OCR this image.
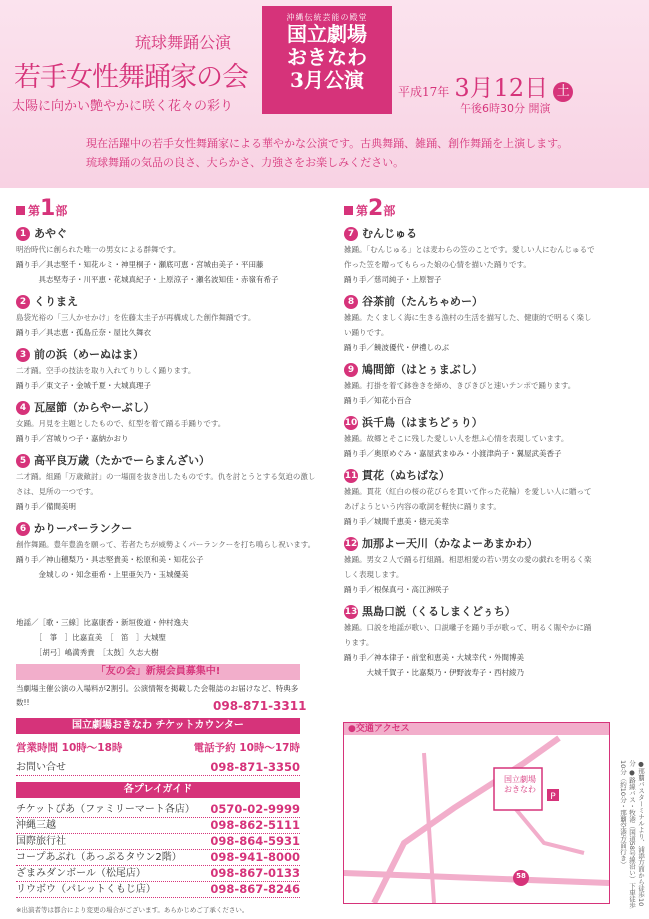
琉球舞踊公演
若手女性舞踊家の会
太陽に向かい艶やかに咲く花々の彩り
沖縄伝統芸能の殿堂
国立劇場
おきなわ
3月公演	平成17年 3月12日 土
午後6時30分 開演
現在活躍中の若手女性舞踊家による華やかな公演です。古典舞踊、雑踊、創作舞踊を上演します。
琉球舞踊の気品の良さ、大らかさ、力強さをお楽しみください。
第1部	第2部
1 あやぐ
明治時代に創られた唯一の男女による群舞です。
踊り手／具志堅千・知花ルミ・神里桐子・瀬底可恵・宮城由美子・平田藤
　　　具志堅寿子・川平恵・花城真紀子・上原涼子・瀬名波知佳・赤嶺有希子
2 くりまえ
島袋光裕の「三人かせかけ」を佐藤太圭子が再構成した創作舞踊です。
踊り手／具志恵・孤島丘奈・屋比久舞衣
3 前の浜（めーぬはま）
二才踊。空手の技法を取り入れてりりしく踊ります。
踊り手／東文子・金城千夏・大城真理子
4 瓦屋節（からやーぶし）
女踊。月見を主題としたもので、紅型を着て踊る手踊りです。
踊り手／宮城りつ子・嘉納かおり
5 高平良万歳（たかでーらまんざい）
二才踊。組踊「万歳敵討」の一場面を抜き出したものです。仇を討とうとする気迫の激しさは、見所の一つです。
踊り手／備間美明
6 かりーパーランクー
創作舞踊。豊年豊漁を願って、若者たちが威勢よくパーランクーを打ち鳴らし祝います。
踊り手／神山穂梨乃・具志堅貴美・松原和美・知花公子
　　　金城しの・知念亜希・上里亜矢乃・玉城優美
7 むんじゅる
雑踊。「むんじゅる」とは麦わらの笠のことです。愛しい人にむんじゅるで
作った笠を贈ってもらった娘の心情を描いた踊りです。
踊り手／慈司純子・上原智子
8 谷茶前（たんちゃめー）
雑踊。たくましく海に生きる漁村の生活を描写した、健康的で明るく楽し
い踊りです。
踊り手／饒波優代・伊禮しのぶ
9 鳩間節（はとぅまぶし）
雑踊。打掛を着て鉢巻きを締め、きびきびと速いテンポで踊ります。
踊り手／知花小百合
10 浜千鳥（はまちどぅり）
雑踊。故郷とそこに残した愛しい人を想ふ心情を表現しています。
踊り手／奥原めぐみ・嘉屋武まゆみ・小渡津尚子・翼屋武美香子
11 貫花（ぬちばな）
雑踊。貫花（紅白の桜の花びらを貫いて作った花輪）を愛しい人に贈って
あげようという内容の歌詞を軽快に踊ります。
踊り手／城間千恵美・徳元美幸
12 加那よー天川（かなよーあまかわ）
雑踊。男女２人で踊る打組踊。相思相愛の若い男女の愛の戯れを明るく楽
しく表現します。
踊り手／根保真弓・高江洲咲子
13 黒島口説（くるしまくどぅち）
雑踊。口説を地謡が歌い、口説囃子を踊り手が歌って、明るく賑やかに踊
ります。
踊り手／神本律子・前堂和恵美・大城幸代・外間博美
　　　大城千賀子・比嘉梨乃・伊野波寿子・西村綾乃
地謡／［歌・三線］比嘉康香・新垣俊道・仲村逸夫
　　　［　箏　］比嘉直美　［　笛　］大城聖
　　　［胡弓］嶋満秀貴　［太鼓］久志大樹
「友の会」新規会員募集中!
当劇場主催公演の入場料が2割引。公演情報を掲載した会報誌のお届けなど、特典多数!!	098-871-3311
国立劇場おきなわ チケットカウンター
営業時間 10時〜18時	電話予約 10時〜17時
お問い合せ	098-871-3350
各プレイガイド
チケットぴあ（ファミリーマート各店） 0570-02-9999
沖縄三越	098-862-5111
国際旅行社	098-864-5931
コープあぶれ（あっぷるタウン2階） 098-941-8000
ざまみダンボール（松尾店）	098-867-0133
リウボウ（パレットくもじ店）	098-867-8246
※出演者等は都合により変更の場合がございます。あらかじめご了承ください。
●交通アクセス
P
国立劇場
おきなわ
58	●那覇バスターミナルより、浦添方面から徒歩10分 ●路線バス・牧港（国道58号線沿い）下車徒歩10分（約10分・那覇空港方面行き）
